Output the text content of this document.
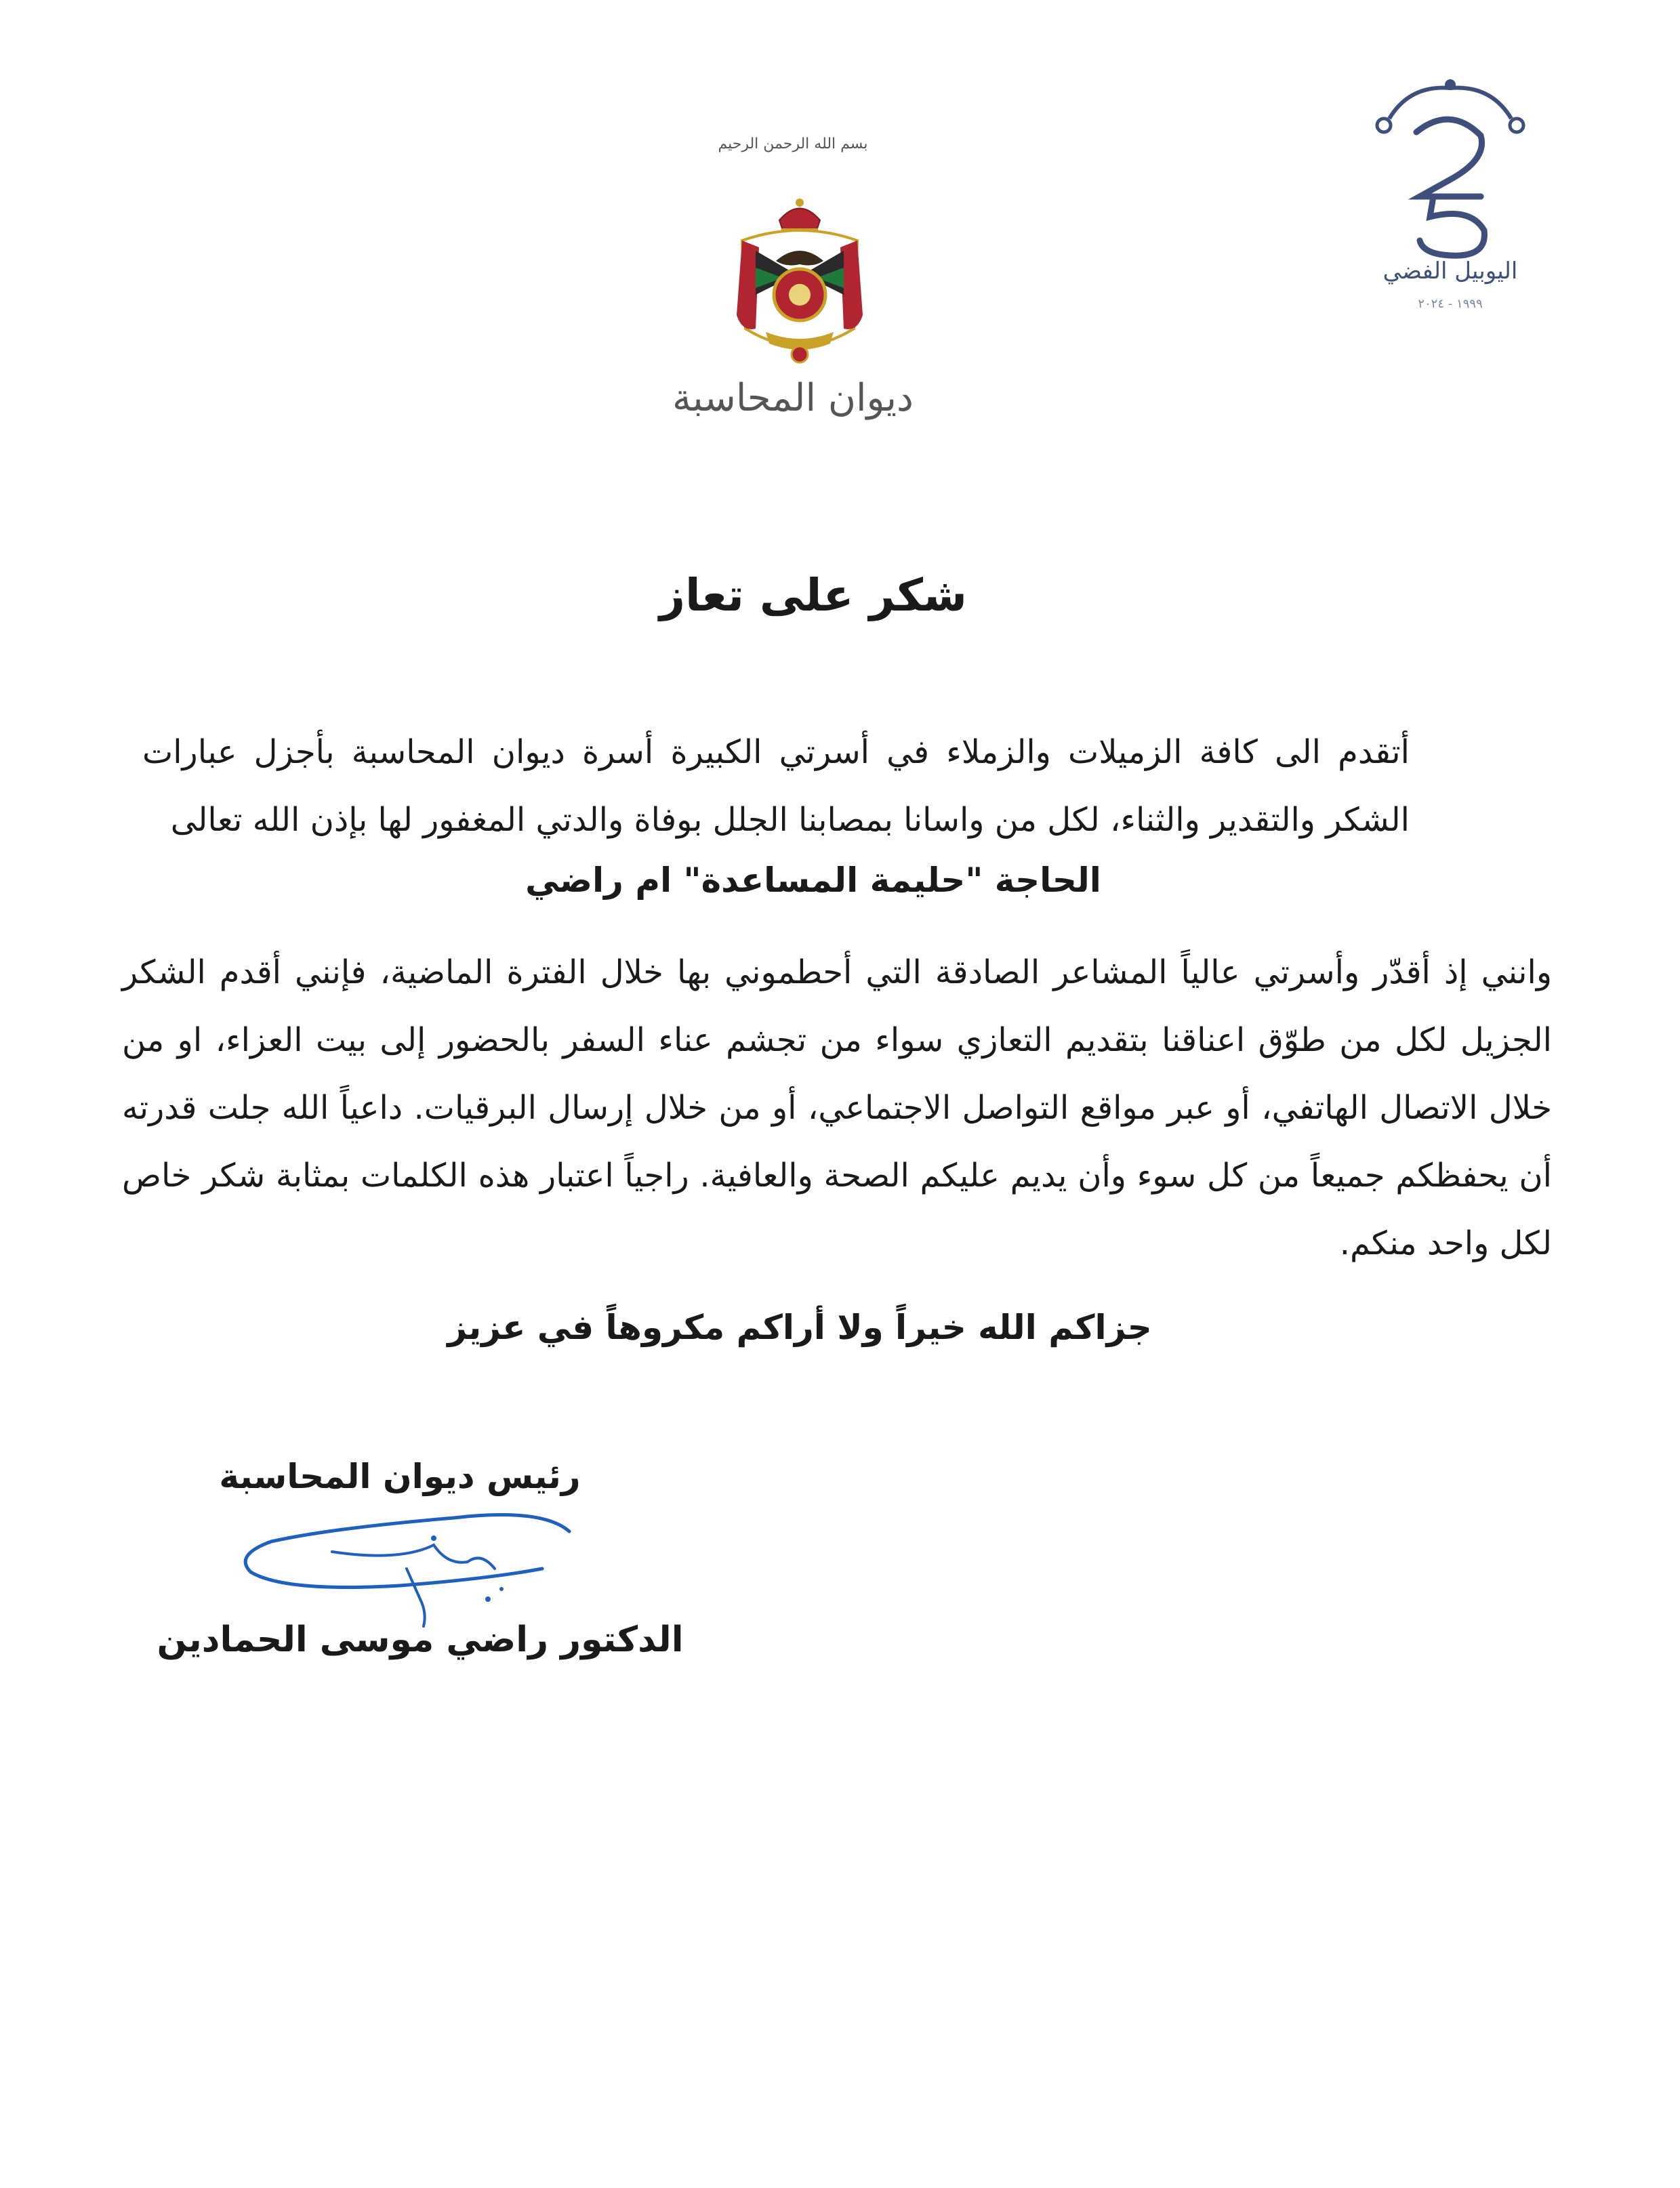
بسم الله الرحمن الرحيم
ديوان المحاسبة
اليوبيل الفضي
١٩٩٩ - ٢٠٢٤
شكر على تعاز
أتقدم الى كافة الزميلات والزملاء في أسرتي الكبيرة أسرة ديوان المحاسبة بأجزل عبارات الشكر والتقدير والثناء، لكل من واسانا بمصابنا الجلل بوفاة والدتي المغفور لها بإذن الله تعالى
الحاجة "حليمة المساعدة" ام راضي
وانني إذ أقدّر وأسرتي عالياً المشاعر الصادقة التي أحطموني بها خلال الفترة الماضية، فإنني أقدم الشكر الجزيل لكل من طوّق اعناقنا بتقديم التعازي سواء من تجشم عناء السفر بالحضور إلى بيت العزاء، او من خلال الاتصال الهاتفي، أو عبر مواقع التواصل الاجتماعي، أو من خلال إرسال البرقيات. داعياً الله جلت قدرته أن يحفظكم جميعاً من كل سوء وأن يديم عليكم الصحة والعافية. راجياً اعتبار هذه الكلمات بمثابة شكر خاص لكل واحد منكم.
جزاكم الله خيراً ولا أراكم مكروهاً في عزيز
رئيس ديوان المحاسبة
الدكتور راضي موسى الحمادين
